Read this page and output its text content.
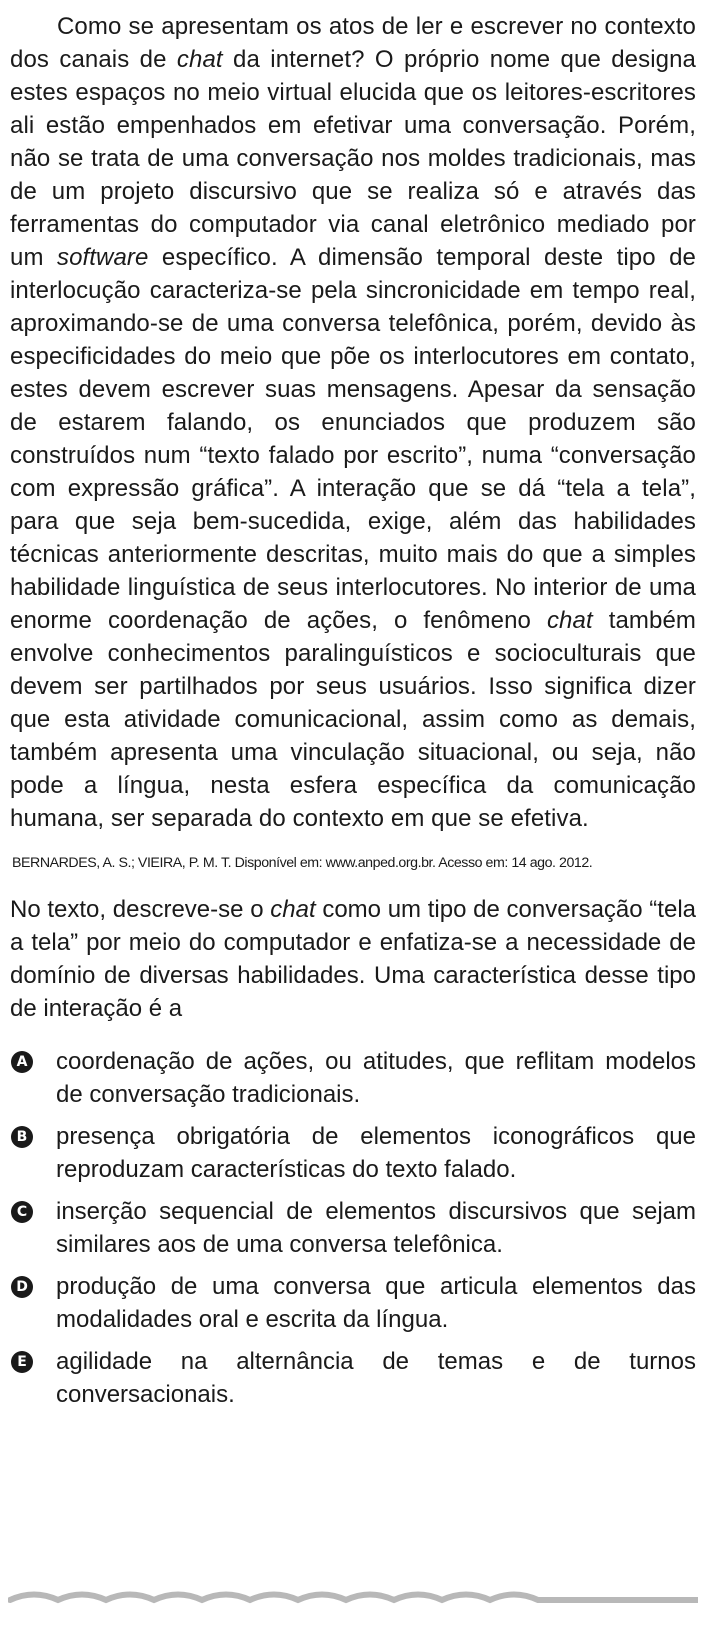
Como se apresentam os atos de ler e escrever no contexto dos canais de chat da internet? O próprio nome que designa estes espaços no meio virtual elucida que os leitores-escritores ali estão empenhados em efetivar uma conversação. Porém, não se trata de uma conversação nos moldes tradicionais, mas de um projeto discursivo que se realiza só e através das ferramentas do computador via canal eletrônico mediado por um software específico. A dimensão temporal deste tipo de interlocução caracteriza-se pela sincronicidade em tempo real, aproximando-se de uma conversa telefônica, porém, devido às especificidades do meio que põe os interlocutores em contato, estes devem escrever suas mensagens. Apesar da sensação de estarem falando, os enunciados que produzem são construídos num “texto falado por escrito”, numa “conversação com expressão gráfica”. A interação que se dá “tela a tela”, para que seja bem-sucedida, exige, além das habilidades técnicas anteriormente descritas, muito mais do que a simples habilidade linguística de seus interlocutores. No interior de uma enorme coordenação de ações, o fenômeno chat também envolve conhecimentos paralinguísticos e socioculturais que devem ser partilhados por seus usuários. Isso significa dizer que esta atividade comunicacional, assim como as demais, também apresenta uma vinculação situacional, ou seja, não pode a língua, nesta esfera específica da comunicação humana, ser separada do contexto em que se efetiva.

BERNARDES, A. S.; VIEIRA, P. M. T. Disponível em: www.anped.org.br. Acesso em: 14 ago. 2012.

No texto, descreve-se o chat como um tipo de conversação “tela a tela” por meio do computador e enfatiza-se a necessidade de domínio de diversas habilidades. Uma característica desse tipo de interação é a

A coordenação de ações, ou atitudes, que reflitam modelos de conversação tradicionais.
B presença obrigatória de elementos iconográficos que reproduzam características do texto falado.
C inserção sequencial de elementos discursivos que sejam similares aos de uma conversa telefônica.
D produção de uma conversa que articula elementos das modalidades oral e escrita da língua.
E agilidade na alternância de temas e de turnos conversacionais.
